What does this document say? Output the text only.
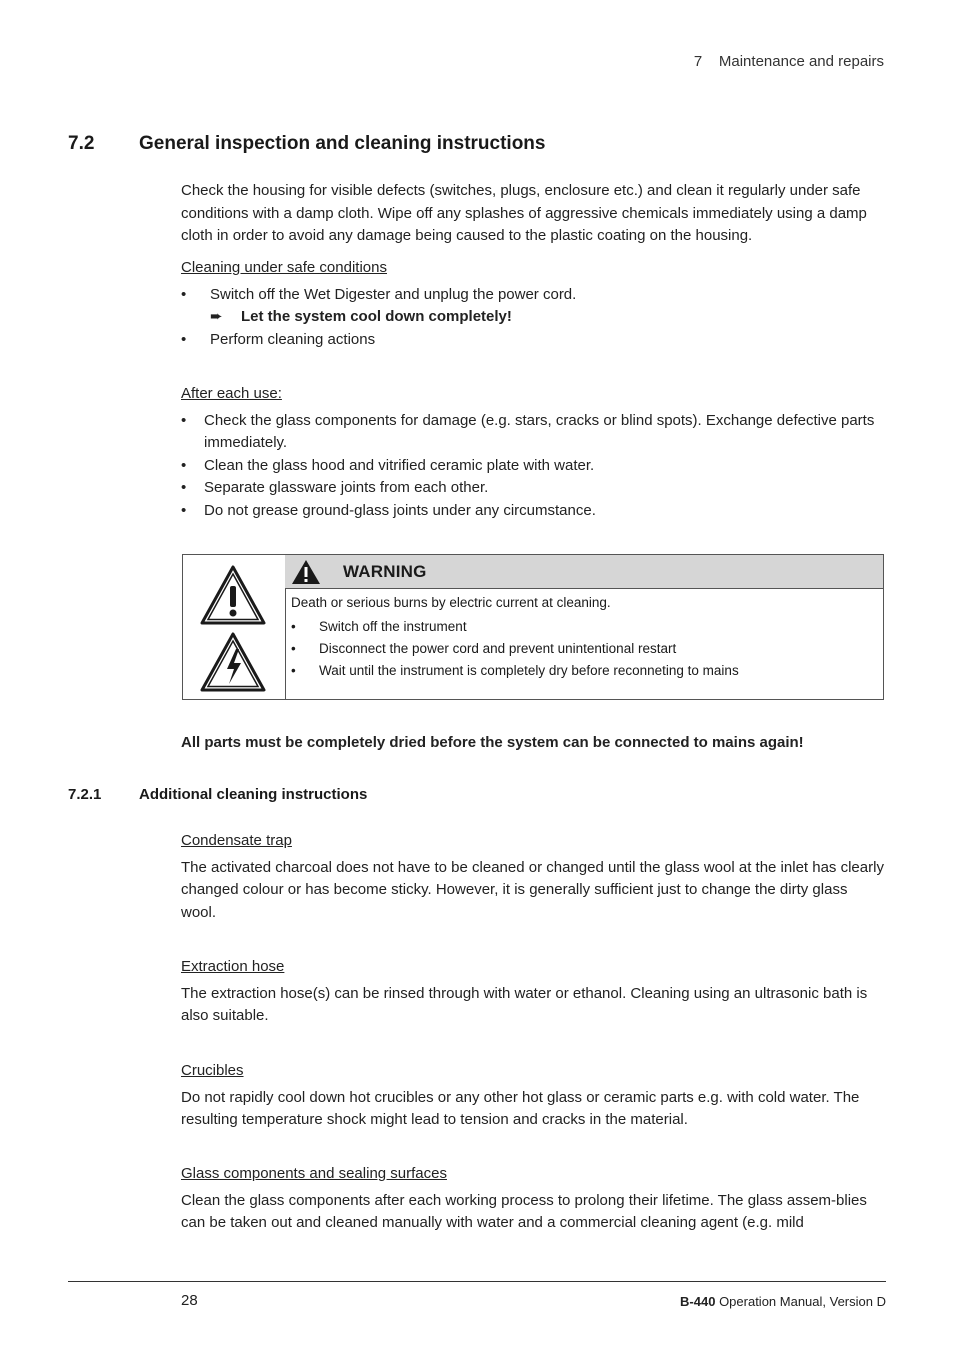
7 Maintenance and repairs
7.2 General inspection and cleaning instructions

Check the housing for visible defects (switches, plugs, enclosure etc.) and clean it regularly under safe conditions with a damp cloth. Wipe off any splashes of aggressive chemicals immediately using a damp cloth in order to avoid any damage being caused to the plastic coating on the housing.

Cleaning under safe conditions

• Switch off the Wet Digester and unplug the power cord.
➨ Let the system cool down completely!
• Perform cleaning actions

After each use:

• Check the glass components for damage (e.g. stars, cracks or blind spots). Exchange defective parts immediately.
• Clean the glass hood and vitrified ceramic plate with water.
• Separate glassware joints from each other.
• Do not grease ground-glass joints under any circumstance.
WARNING
Death or serious burns by electric current at cleaning.
• Switch off the instrument
• Disconnect the power cord and prevent unintentional restart
• Wait until the instrument is completely dry before reconneting to mains
All parts must be completely dried before the system can be connected to mains again!
7.2.1	Additional cleaning instructions

Condensate trap

The activated charcoal does not have to be cleaned or changed until the glass wool at the inlet has clearly changed colour or has become sticky. However, it is generally sufficient just to change the dirty glass wool.

Extraction hose

The extraction hose(s) can be rinsed through with water or ethanol. Cleaning using an ultrasonic bath is also suitable.

Crucibles

Do not rapidly cool down hot crucibles or any other hot glass or ceramic parts e.g. with cold water. The resulting temperature shock might lead to tension and cracks in the material.

Glass components and sealing surfaces

Clean the glass components after each working process to prolong their lifetime. The glass assem-blies can be taken out and cleaned manually with water and a commercial cleaning agent (e.g. mild

28	B-440 Operation Manual, Version D
